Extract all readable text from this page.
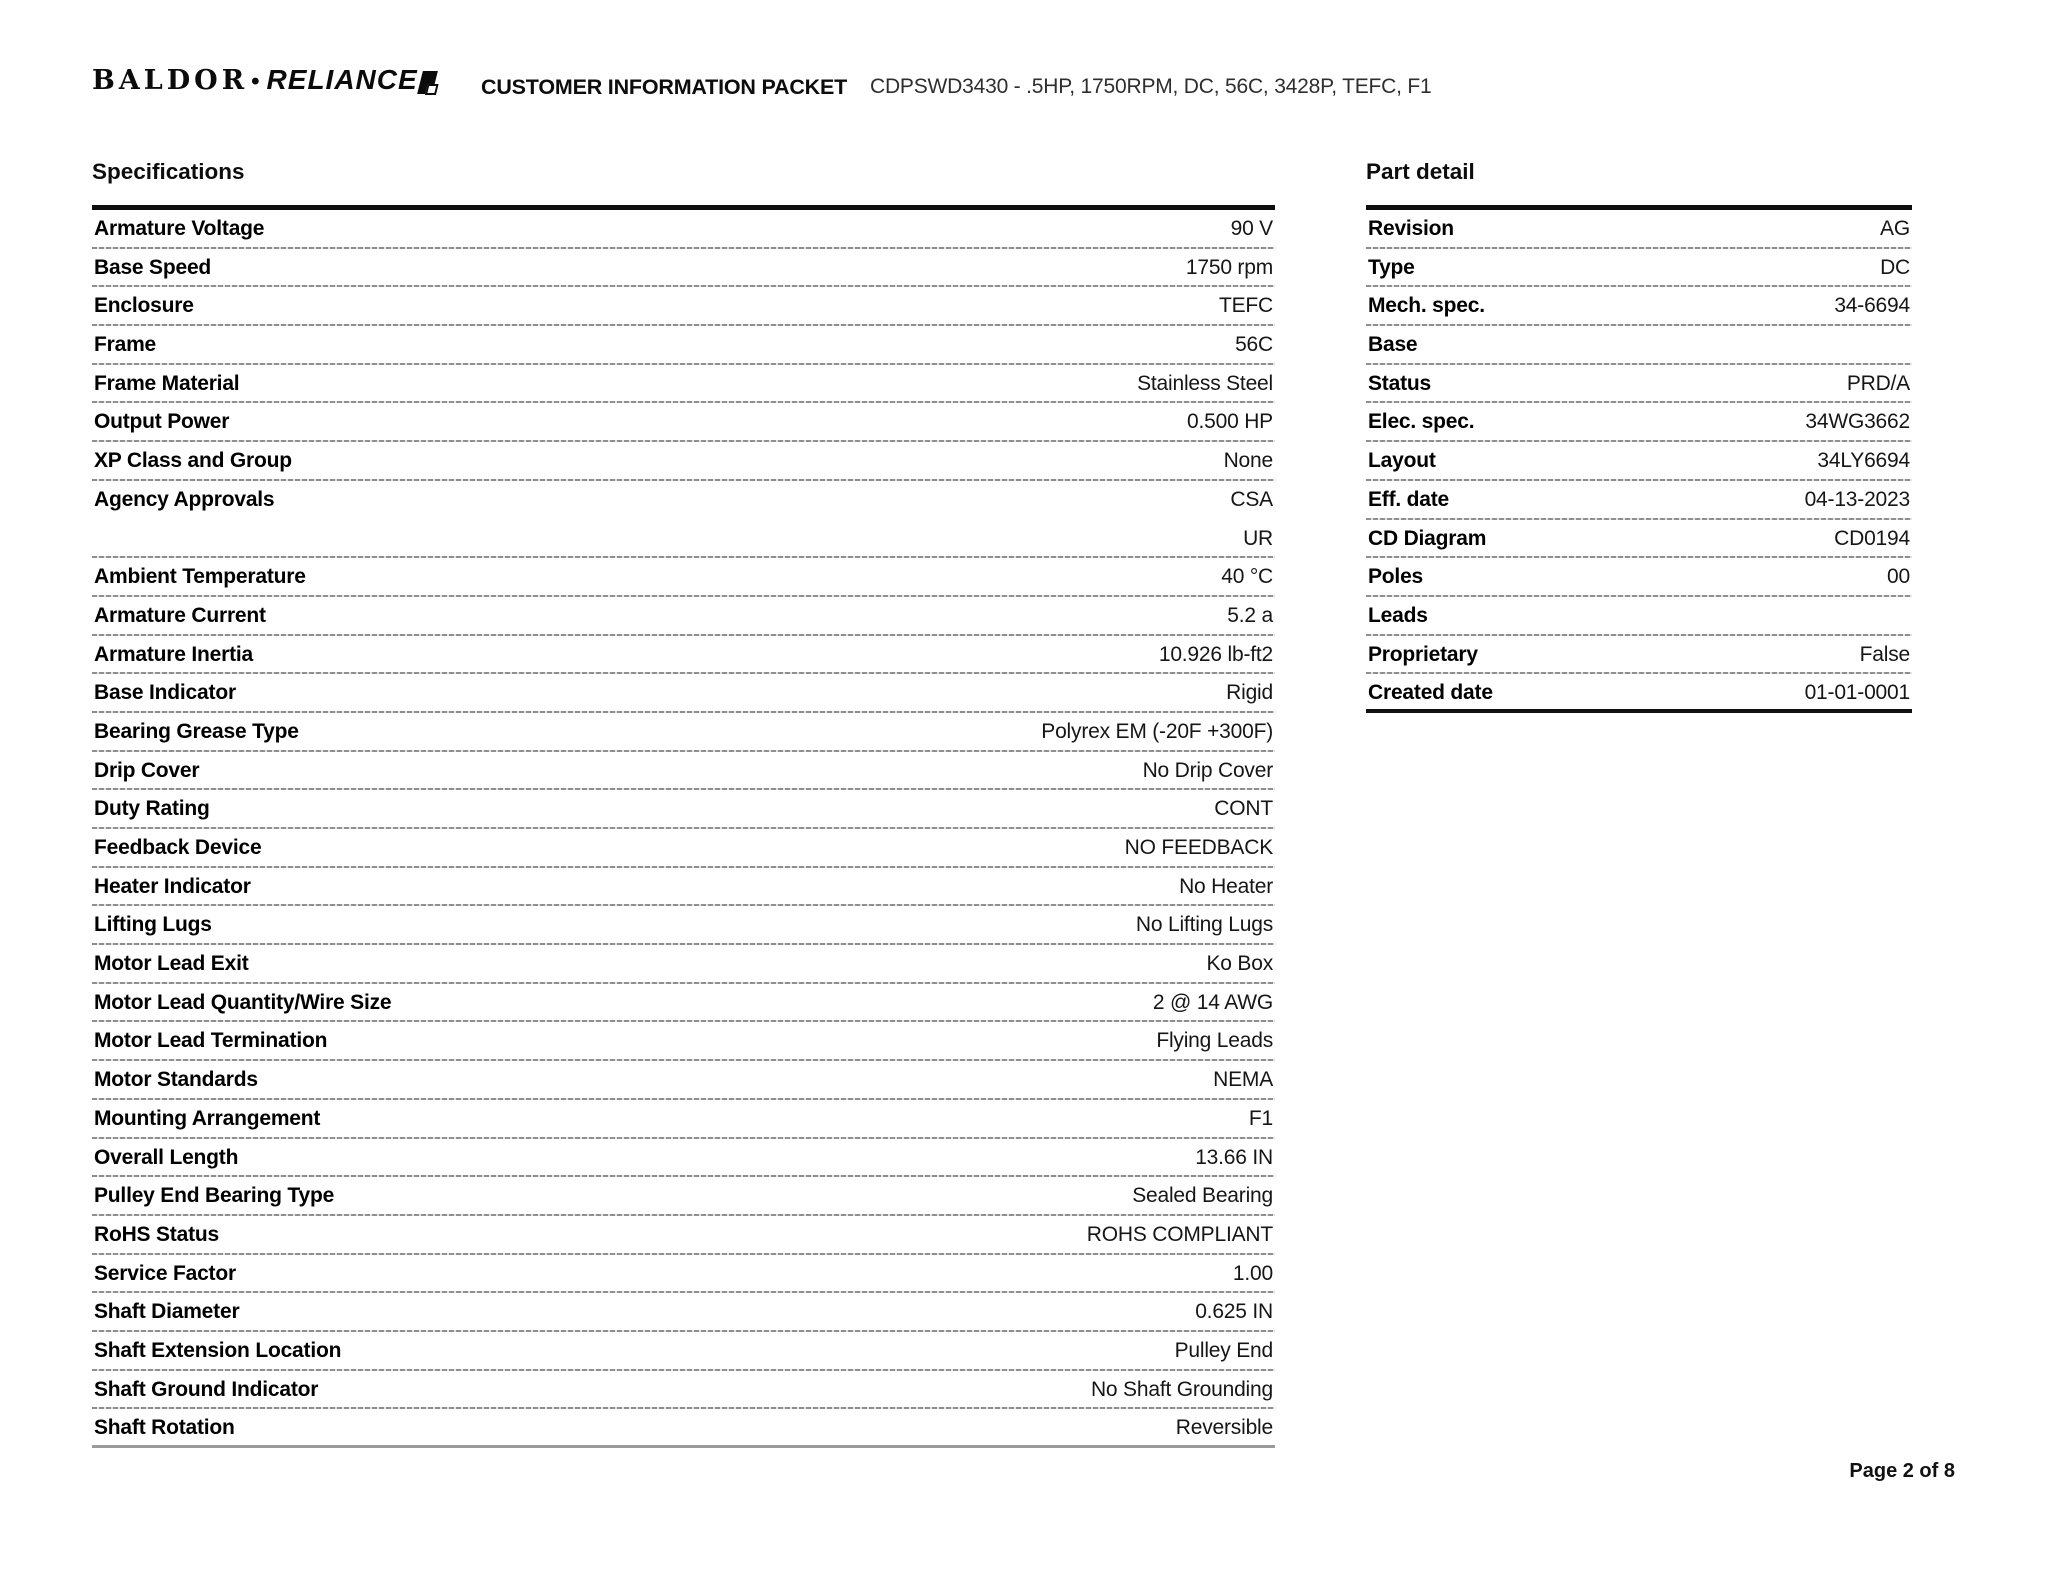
BALDOR • RELIANCE	CUSTOMER INFORMATION PACKET CDPSWD3430 - .5HP, 1750RPM, DC, 56C, 3428P, TEFC, F1
Specifications
Armature Voltage	90 V
Base Speed	1750 rpm
Enclosure	TEFC
Frame	56C
Frame Material	Stainless Steel
Output Power	0.500 HP
XP Class and Group	None
Agency Approvals	CSA
UR
Ambient Temperature	40 °C
Armature Current	5.2 a
Armature Inertia	10.926 lb-ft2
Base Indicator	Rigid
Bearing Grease Type	Polyrex EM (-20F +300F)
Drip Cover	No Drip Cover
Duty Rating	CONT
Feedback Device	NO FEEDBACK
Heater Indicator	No Heater
Lifting Lugs	No Lifting Lugs
Motor Lead Exit	Ko Box
Motor Lead Quantity/Wire Size	2 @ 14 AWG
Motor Lead Termination	Flying Leads
Motor Standards	NEMA
Mounting Arrangement	F1
Overall Length	13.66 IN
Pulley End Bearing Type	Sealed Bearing
RoHS Status	ROHS COMPLIANT
Service Factor	1.00
Shaft Diameter	0.625 IN
Shaft Extension Location	Pulley End
Shaft Ground Indicator	No Shaft Grounding
Shaft Rotation	Reversible
Part detail
Revision	AG
Type	DC
Mech. spec.	34-6694
Base
Status	PRD/A
Elec. spec.	34WG3662
Layout	34LY6694
Eff. date	04-13-2023
CD Diagram	CD0194
Poles	00
Leads
Proprietary	False
Created date	01-01-0001
Page 2 of 8
